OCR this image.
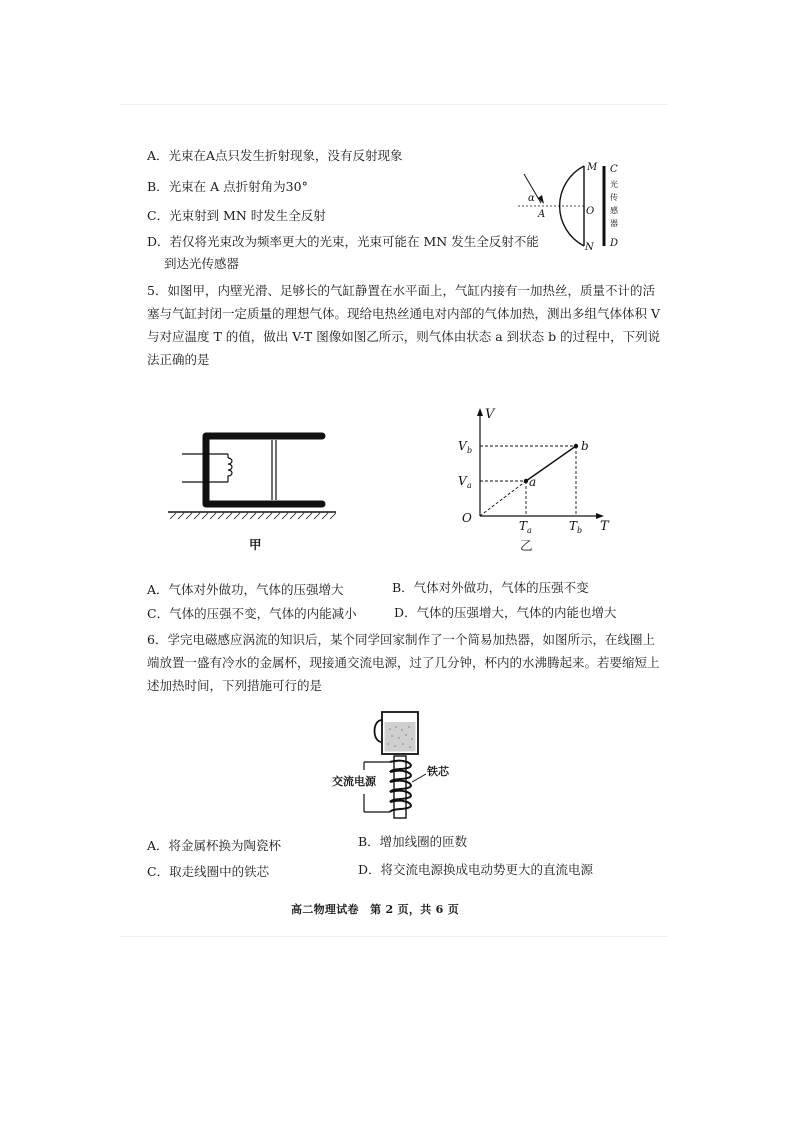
A．光束在A点只发生折射现象，没有反射现象
B．光束在 A 点折射角为30°
C．光束射到 MN 时发生全反射
D．若仅将光束改为频率更大的光束，光束可能在 MN 发生全反射不能
到达光传感器
α
A	O
M
N
C
光
传
感
器
D
5．如图甲，内壁光滑、足够长的气缸静置在水平面上，气缸内接有一加热丝，质量不计的活塞与气缸封闭一定质量的理想气体。现给电热丝通电对内部的气体加热，测出多组气体体积 V 与对应温度 T 的值，做出 V-T 图像如图乙所示，则气体由状态 a 到状态 b 的过程中，下列说法正确的是
甲
V
T
O
a
b
V b
V a
T a	T b
乙
A．气体对外做功，气体的压强增大	B．气体对外做功，气体的压强不变
C．气体的压强不变，气体的内能减小	D．气体的压强增大，气体的内能也增大
6．学完电磁感应涡流的知识后，某个同学回家制作了一个简易加热器，如图所示，在线圈上端放置一盛有冷水的金属杯，现接通交流电源，过了几分钟，杯内的水沸腾起来。若要缩短上述加热时间，下列措施可行的是
交流电源
铁芯
A．将金属杯换为陶瓷杯	B．增加线圈的匝数
C．取走线圈中的铁芯	D．将交流电源换成电动势更大的直流电源
高二物理试卷　第 2 页，共 6 页
